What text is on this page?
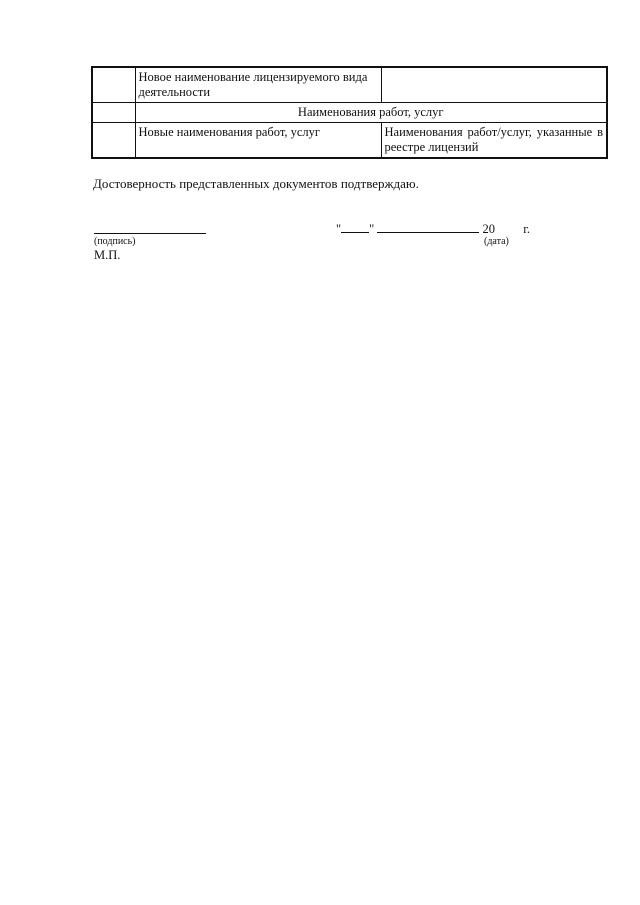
	Новое наименование лицензируемого вида деятельности	
	Наименования работ, услуг	
	Новые наименования работ, услуг	Наименования работ/услуг, указанные в реестре лицензий
Достоверность представленных документов подтверждаю.
(подпись)
М.П.
" "	20 г.
(дата)
